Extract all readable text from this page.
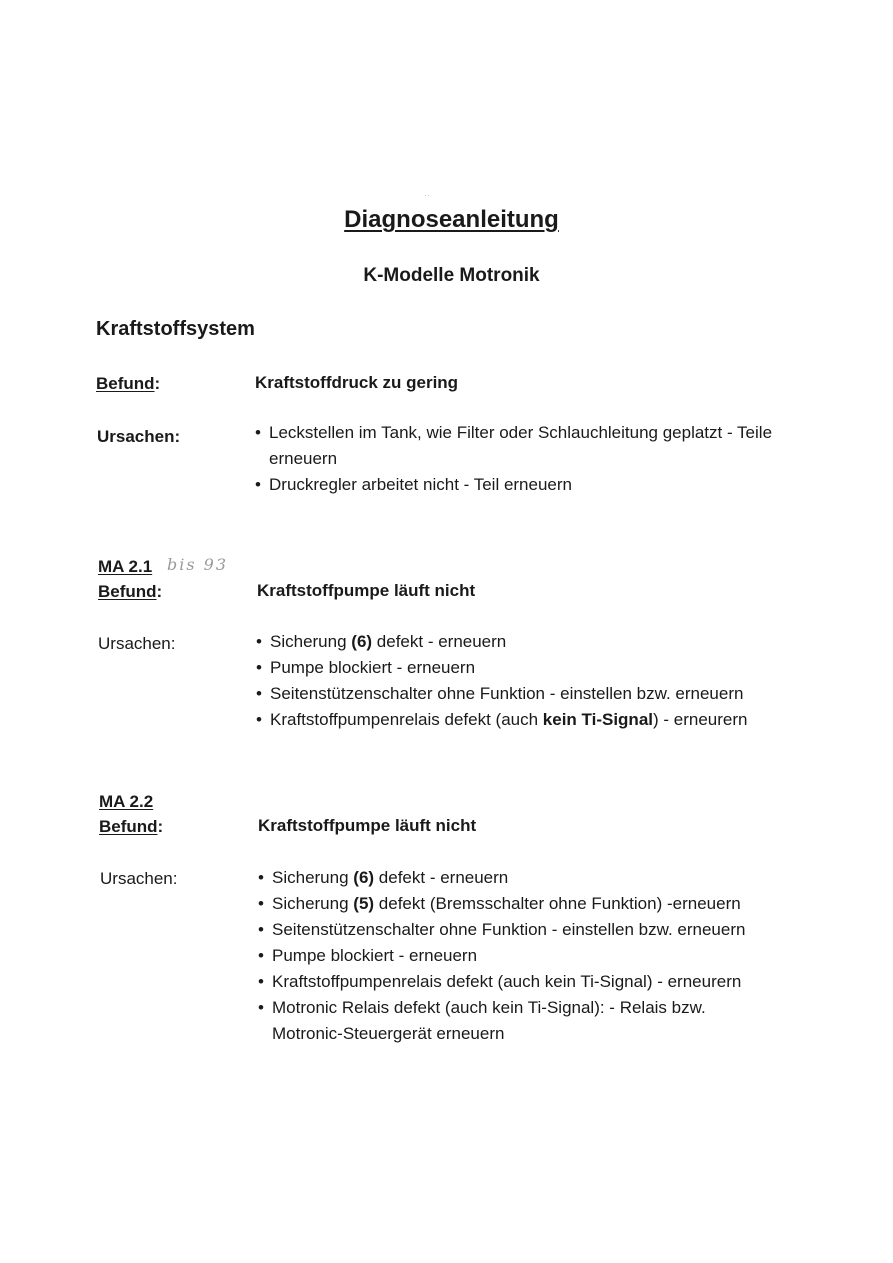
··
Diagnoseanleitung
K-Modelle Motronik
Kraftstoffsystem
Befund:	Kraftstoffdruck zu gering
Ursachen:	• Leckstellen im Tank, wie Filter oder Schlauchleitung geplatzt - Teile erneuern
• Druckregler arbeitet nicht - Teil erneuern
MA 2.1 bis 93
Befund:	Kraftstoffpumpe läuft nicht
Ursachen:	• Sicherung (6) defekt - erneuern
• Pumpe blockiert - erneuern
• Seitenstützenschalter ohne Funktion - einstellen bzw. erneuern
• Kraftstoffpumpenrelais defekt (auch kein Ti-Signal) - erneurern
MA 2.2
Befund:	Kraftstoffpumpe läuft nicht
Ursachen:	• Sicherung (6) defekt - erneuern
• Sicherung (5) defekt (Bremsschalter ohne Funktion) -erneuern
• Seitenstützenschalter ohne Funktion - einstellen bzw. erneuern
• Pumpe blockiert - erneuern
• Kraftstoffpumpenrelais defekt (auch kein Ti-Signal) - erneurern
• Motronic Relais defekt (auch kein Ti-Signal): - Relais bzw. Motronic-Steuergerät erneuern
